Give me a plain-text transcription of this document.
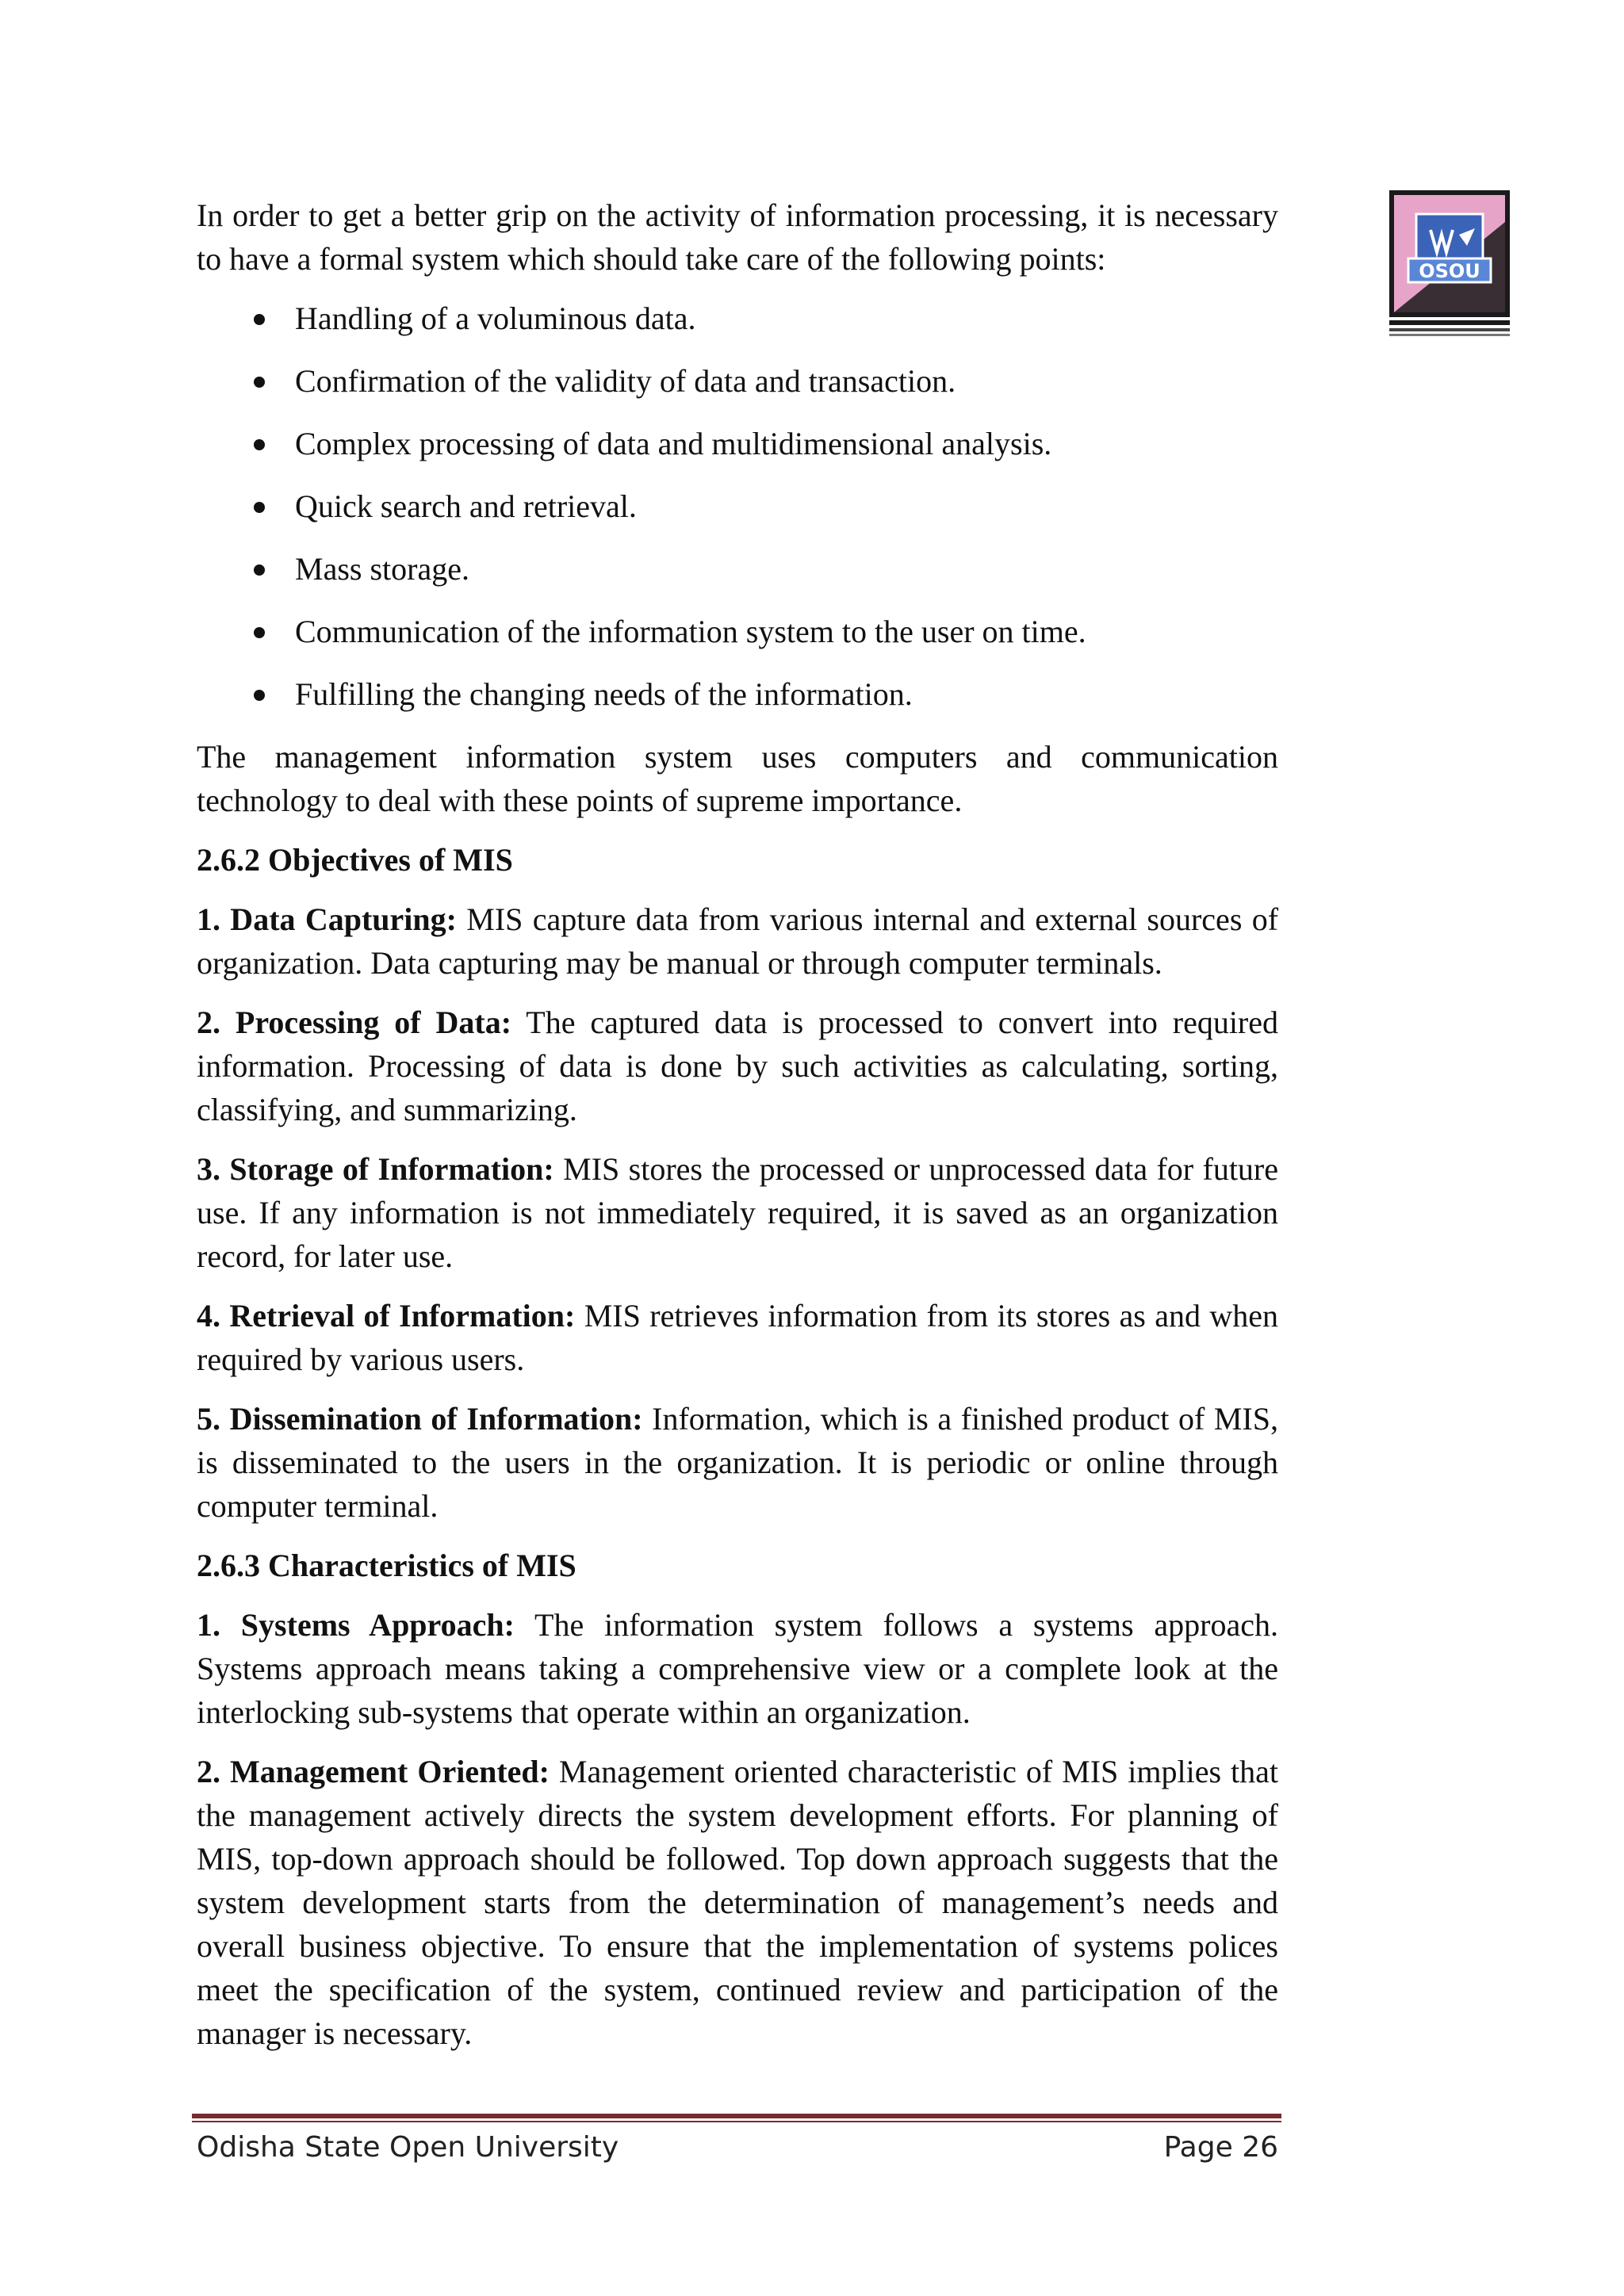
OSOU

In order to get a better grip on the activity of information processing, it is necessary to have a formal system which should take care of the following points:

Handling of a voluminous data.
Confirmation of the validity of data and transaction.
Complex processing of data and multidimensional analysis.
Quick search and retrieval.
Mass storage.
Communication of the information system to the user on time.
Fulfilling the changing needs of the information.

The management information system uses computers and communication technology to deal with these points of supreme importance.

2.6.2 Objectives of MIS

1. Data Capturing: MIS capture data from various internal and external sources of organization. Data capturing may be manual or through computer terminals.

2. Processing of Data: The captured data is processed to convert into required information. Processing of data is done by such activities as calculating, sorting, classifying, and summarizing.

3. Storage of Information: MIS stores the processed or unprocessed data for future use. If any information is not immediately required, it is saved as an organization record, for later use.

4. Retrieval of Information: MIS retrieves information from its stores as and when required by various users.

5. Dissemination of Information: Information, which is a finished product of MIS, is disseminated to the users in the organization. It is periodic or online through computer terminal.

2.6.3 Characteristics of MIS

1. Systems Approach: The information system follows a systems approach. Systems approach means taking a comprehensive view or a complete look at the interlocking sub-systems that operate within an organization.

2. Management Oriented: Management oriented characteristic of MIS implies that the management actively directs the system development efforts. For planning of MIS, top-down approach should be followed. Top down approach suggests that the system development starts from the determination of management’s needs and overall business objective. To ensure that the implementation of systems polices meet the specification of the system, continued review and participation of the manager is necessary.

Odisha State Open University	Page 26
